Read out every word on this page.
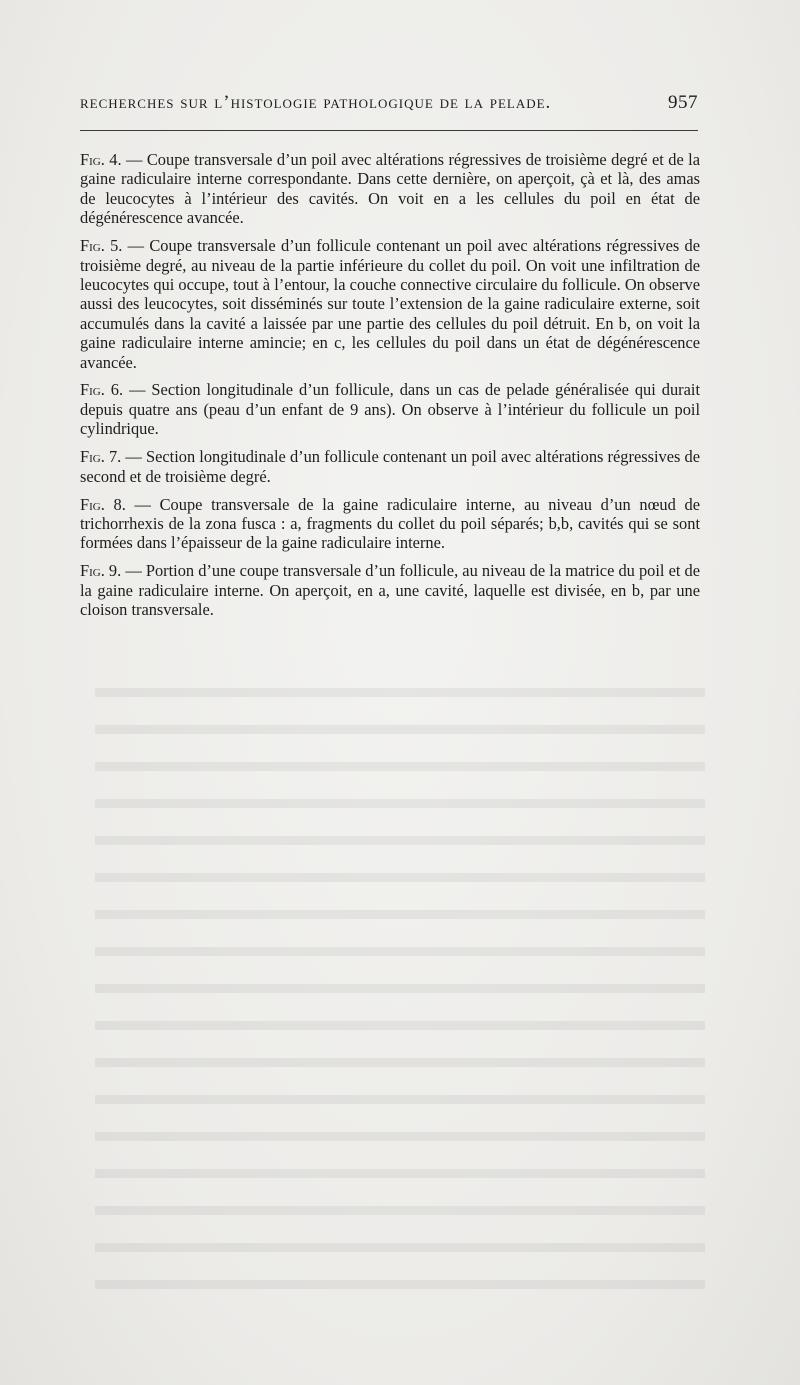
recherches sur l’histologie pathologique de la pelade.	957

Fig. 4. — Coupe transversale d’un poil avec altérations régressives de troisième degré et de la gaine radiculaire interne correspondante. Dans cette dernière, on aperçoit, çà et là, des amas de leucocytes à l’intérieur des cavités. On voit en a les cellules du poil en état de dégénérescence avancée.

Fig. 5. — Coupe transversale d’un follicule contenant un poil avec altérations régressives de troisième degré, au niveau de la partie inférieure du collet du poil. On voit une infiltration de leucocytes qui occupe, tout à l’entour, la couche connective circulaire du follicule. On observe aussi des leucocytes, soit disséminés sur toute l’extension de la gaine radiculaire externe, soit accumulés dans la cavité a laissée par une partie des cellules du poil détruit. En b, on voit la gaine radiculaire interne amincie; en c, les cellules du poil dans un état de dégénérescence avancée.

Fig. 6. — Section longitudinale d’un follicule, dans un cas de pelade généralisée qui durait depuis quatre ans (peau d’un enfant de 9 ans). On observe à l’intérieur du follicule un poil cylindrique.

Fig. 7. — Section longitudinale d’un follicule contenant un poil avec altérations régressives de second et de troisième degré.

Fig. 8. — Coupe transversale de la gaine radiculaire interne, au niveau d’un nœud de trichorrhexis de la zona fusca : a, fragments du collet du poil séparés; b,b, cavités qui se sont formées dans l’épaisseur de la gaine radiculaire interne.

Fig. 9. — Portion d’une coupe transversale d’un follicule, au niveau de la matrice du poil et de la gaine radiculaire interne. On aperçoit, en a, une cavité, laquelle est divisée, en b, par une cloison transversale.
